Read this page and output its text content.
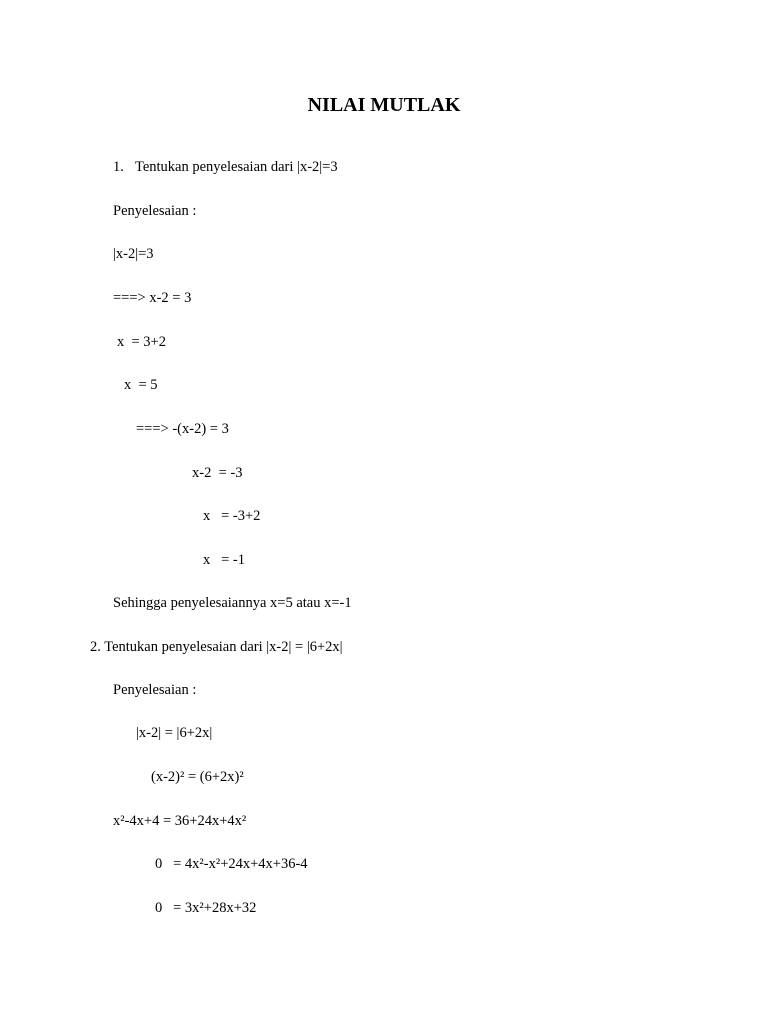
NILAI MUTLAK
1. Tentukan penyelesaian dari |x-2|=3
Penyelesaian :
|x-2|=3
===> x-2 = 3
x  = 3+2
x  = 5
===> -(x-2) = 3
x-2  = -3
x   = -3+2
x   = -1
Sehingga penyelesaiannya x=5 atau x=-1
2. Tentukan penyelesaian dari |x-2| = |6+2x|
Penyelesaian :
|x-2| = |6+2x|
(x-2)² = (6+2x)²
x²-4x+4 = 36+24x+4x²
0   = 4x²-x²+24x+4x+36-4
0   = 3x²+28x+32
